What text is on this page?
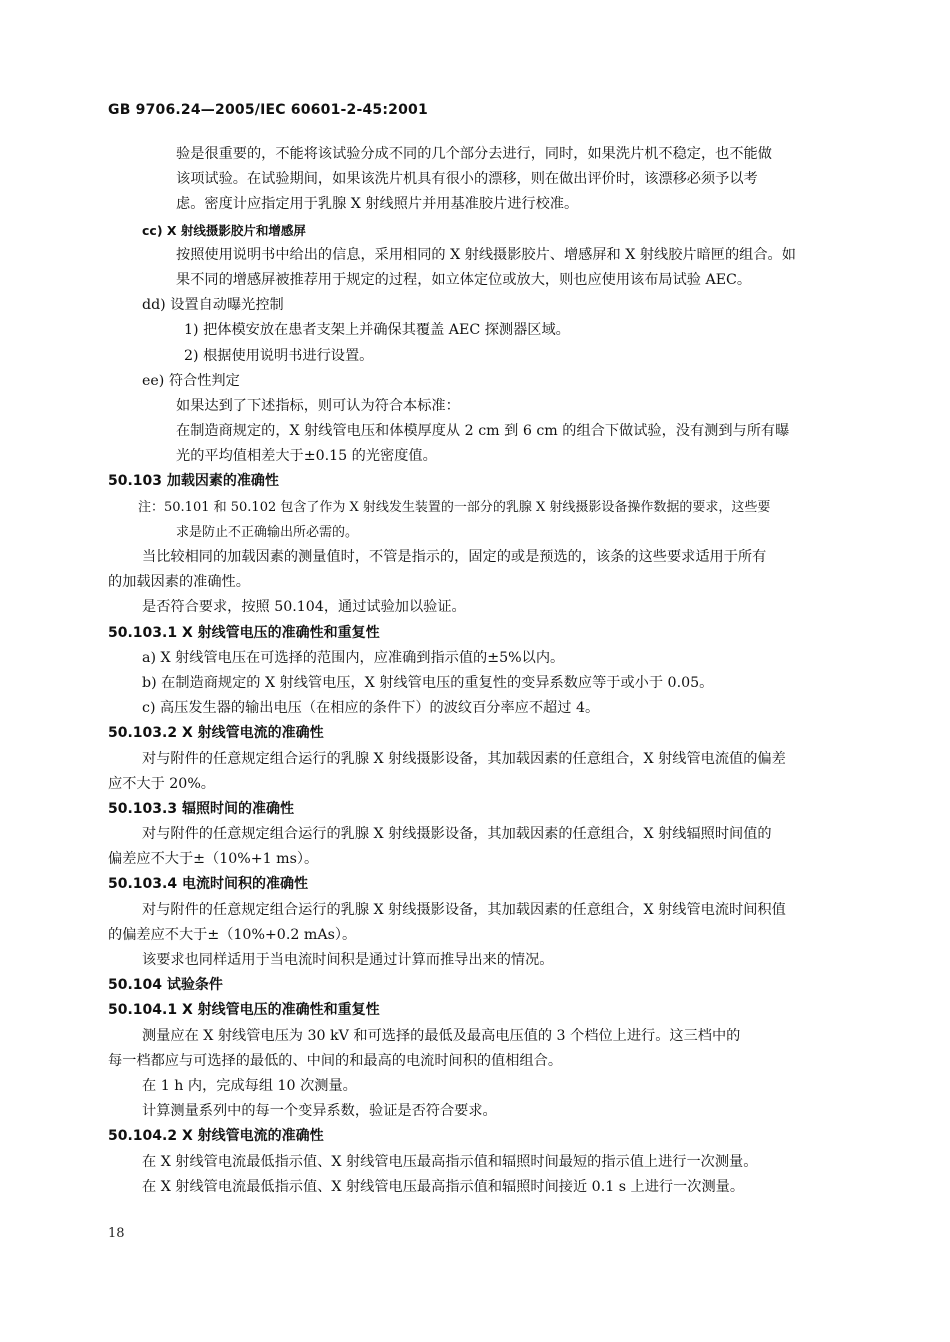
GB 9706.24—2005/IEC 60601-2-45:2001
验是很重要的，不能将该试验分成不同的几个部分去进行，同时，如果洗片机不稳定，也不能做
该项试验。在试验期间，如果该洗片机具有很小的漂移，则在做出评价时，该漂移必须予以考
虑。密度计应指定用于乳腺 X 射线照片并用基准胶片进行校准。
cc) X 射线摄影胶片和增感屏
按照使用说明书中给出的信息，采用相同的 X 射线摄影胶片、增感屏和 X 射线胶片暗匣的组合。如
果不同的增感屏被推荐用于规定的过程，如立体定位或放大，则也应使用该布局试验 AEC。
dd) 设置自动曝光控制
1) 把体模安放在患者支架上并确保其覆盖 AEC 探测器区域。
2) 根据使用说明书进行设置。
ee) 符合性判定
如果达到了下述指标，则可认为符合本标准：
在制造商规定的，X 射线管电压和体模厚度从 2 cm 到 6 cm 的组合下做试验，没有测到与所有曝
光的平均值相差大于±0.15 的光密度值。
50.103 加载因素的准确性
注：50.101 和 50.102 包含了作为 X 射线发生装置的一部分的乳腺 X 射线摄影设备操作数据的要求，这些要
求是防止不正确输出所必需的。
当比较相同的加载因素的测量值时，不管是指示的，固定的或是预选的，该条的这些要求适用于所有
的加载因素的准确性。
是否符合要求，按照 50.104，通过试验加以验证。
50.103.1 X 射线管电压的准确性和重复性
a) X 射线管电压在可选择的范围内，应准确到指示值的±5%以内。
b) 在制造商规定的 X 射线管电压，X 射线管电压的重复性的变异系数应等于或小于 0.05。
c) 高压发生器的输出电压（在相应的条件下）的波纹百分率应不超过 4。
50.103.2 X 射线管电流的准确性
对与附件的任意规定组合运行的乳腺 X 射线摄影设备，其加载因素的任意组合，X 射线管电流值的偏差
应不大于 20%。
50.103.3 辐照时间的准确性
对与附件的任意规定组合运行的乳腺 X 射线摄影设备，其加载因素的任意组合，X 射线辐照时间值的
偏差应不大于±（10%+1 ms）。
50.103.4 电流时间积的准确性
对与附件的任意规定组合运行的乳腺 X 射线摄影设备，其加载因素的任意组合，X 射线管电流时间积值
的偏差应不大于±（10%+0.2 mAs）。
该要求也同样适用于当电流时间积是通过计算而推导出来的情况。
50.104 试验条件
50.104.1 X 射线管电压的准确性和重复性
测量应在 X 射线管电压为 30 kV 和可选择的最低及最高电压值的 3 个档位上进行。这三档中的
每一档都应与可选择的最低的、中间的和最高的电流时间积的值相组合。
在 1 h 内，完成每组 10 次测量。
计算测量系列中的每一个变异系数，验证是否符合要求。
50.104.2 X 射线管电流的准确性
在 X 射线管电流最低指示值、X 射线管电压最高指示值和辐照时间最短的指示值上进行一次测量。
在 X 射线管电流最低指示值、X 射线管电压最高指示值和辐照时间接近 0.1 s 上进行一次测量。
18
